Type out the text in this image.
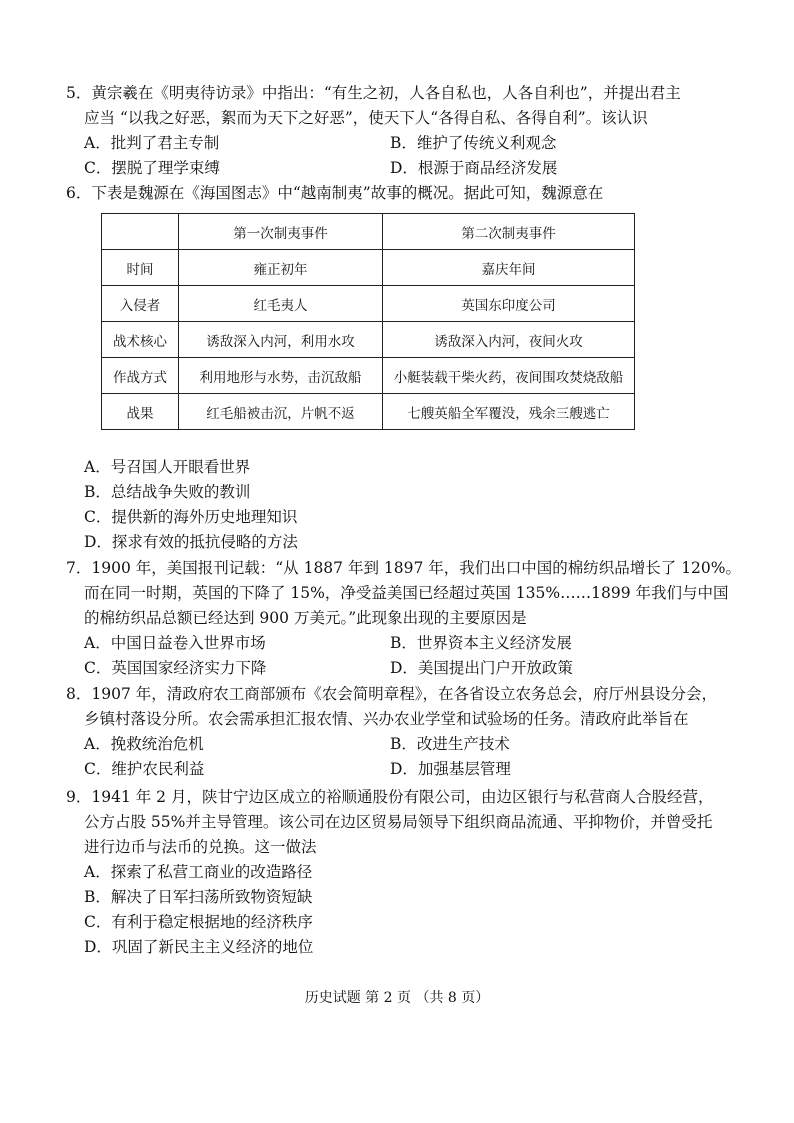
5．黄宗羲在《明夷待访录》中指出：“有生之初，人各自私也，人各自利也”，并提出君主
应当 “以我之好恶，絮而为天下之好恶”，使天下人“各得自私、各得自利”。该认识
A．批判了君主专制	B．维护了传统义利观念
C．摆脱了理学束缚	D．根源于商品经济发展
6．下表是魏源在《海国图志》中“越南制夷”故事的概况。据此可知，魏源意在
	第一次制夷事件	第二次制夷事件
时间	雍正初年	嘉庆年间
入侵者	红毛夷人	英国东印度公司
战术核心	诱敌深入内河，利用水攻	诱敌深入内河，夜间火攻
作战方式	利用地形与水势，击沉敌船	小艇装载干柴火药，夜间围攻焚烧敌船
战果	红毛船被击沉，片帆不返	七艘英船全军覆没，残余三艘逃亡
A．号召国人开眼看世界
B．总结战争失败的教训
C．提供新的海外历史地理知识
D．探求有效的抵抗侵略的方法
7．1900 年，美国报刊记载：“从 1887 年到 1897 年，我们出口中国的棉纺织品增长了 120%。
而在同一时期，英国的下降了 15%，净受益美国已经超过英国 135%……1899 年我们与中国
的棉纺织品总额已经达到 900 万美元。”此现象出现的主要原因是
A．中国日益卷入世界市场	B．世界资本主义经济发展
C．英国国家经济实力下降	D．美国提出门户开放政策
8．1907 年，清政府农工商部颁布《农会简明章程》，在各省设立农务总会，府厅州县设分会，
乡镇村落设分所。农会需承担汇报农情、兴办农业学堂和试验场的任务。清政府此举旨在
A．挽救统治危机	B．改进生产技术
C．维护农民利益	D．加强基层管理
9．1941 年 2 月，陕甘宁边区成立的裕顺通股份有限公司，由边区银行与私营商人合股经营，
公方占股 55%并主导管理。该公司在边区贸易局领导下组织商品流通、平抑物价，并曾受托
进行边币与法币的兑换。这一做法
A．探索了私营工商业的改造路径
B．解决了日军扫荡所致物资短缺
C．有利于稳定根据地的经济秩序
D．巩固了新民主主义经济的地位
历史试题 第 2 页 （共 8 页）
